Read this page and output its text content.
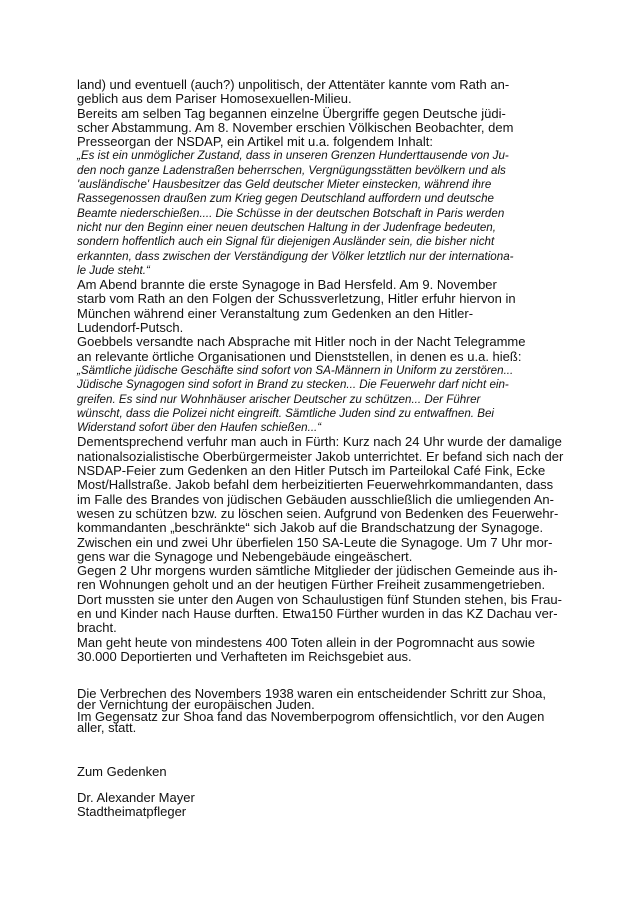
land) und eventuell (auch?) unpolitisch, der Attentäter kannte vom Rath an-
geblich aus dem Pariser Homosexuellen-Milieu.
Bereits am selben Tag begannen einzelne Übergriffe gegen Deutsche jüdi-
scher Abstammung. Am 8. November erschien Völkischen Beobachter, dem
Presseorgan der NSDAP, ein Artikel mit u.a. folgendem Inhalt:
„Es ist ein unmöglicher Zustand, dass in unseren Grenzen Hunderttausende von Ju-
den noch ganze Ladenstraßen beherrschen, Vergnügungsstätten bevölkern und als
'ausländische' Hausbesitzer das Geld deutscher Mieter einstecken, während ihre
Rassegenossen draußen zum Krieg gegen Deutschland auffordern und deutsche
Beamte niederschießen.... Die Schüsse in der deutschen Botschaft in Paris werden
nicht nur den Beginn einer neuen deutschen Haltung in der Judenfrage bedeuten,
sondern hoffentlich auch ein Signal für diejenigen Ausländer sein, die bisher nicht
erkannten, dass zwischen der Verständigung der Völker letztlich nur der internationa-
le Jude steht.“
Am Abend brannte die erste Synagoge in Bad Hersfeld. Am 9. November
starb vom Rath an den Folgen der Schussverletzung, Hitler erfuhr hiervon in
München während einer Veranstaltung zum Gedenken an den Hitler-
Ludendorf-Putsch.
Goebbels versandte nach Absprache mit Hitler noch in der Nacht Telegramme
an relevante örtliche Organisationen und Dienststellen, in denen es u.a. hieß:
„Sämtliche jüdische Geschäfte sind sofort von SA-Männern in Uniform zu zerstören...
Jüdische Synagogen sind sofort in Brand zu stecken... Die Feuerwehr darf nicht ein-
greifen. Es sind nur Wohnhäuser arischer Deutscher zu schützen... Der Führer
wünscht, dass die Polizei nicht eingreift. Sämtliche Juden sind zu entwaffnen. Bei
Widerstand sofort über den Haufen schießen...“
Dementsprechend verfuhr man auch in Fürth: Kurz nach 24 Uhr wurde der damalige
nationalsozialistische Oberbürgermeister Jakob unterrichtet. Er befand sich nach der
NSDAP-Feier zum Gedenken an den Hitler Putsch im Parteilokal Café Fink, Ecke
Most/Hallstraße. Jakob befahl dem herbeizitierten Feuerwehrkommandanten, dass
im Falle des Brandes von jüdischen Gebäuden ausschließlich die umliegenden An-
wesen zu schützen bzw. zu löschen seien. Aufgrund von Bedenken des Feuerwehr-
kommandanten „beschränkte“ sich Jakob auf die Brandschatzung der Synagoge.
Zwischen ein und zwei Uhr überfielen 150 SA-Leute die Synagoge. Um 7 Uhr mor-
gens war die Synagoge und Nebengebäude eingeäschert.
Gegen 2 Uhr morgens wurden sämtliche Mitglieder der jüdischen Gemeinde aus ih-
ren Wohnungen geholt und an der heutigen Fürther Freiheit zusammengetrieben.
Dort mussten sie unter den Augen von Schaulustigen fünf Stunden stehen, bis Frau-
en und Kinder nach Hause durften. Etwa150 Fürther wurden in das KZ Dachau ver-
bracht.
Man geht heute von mindestens 400 Toten allein in der Pogromnacht aus sowie
30.000 Deportierten und Verhafteten im Reichsgebiet aus.
Die Verbrechen des Novembers 1938 waren ein entscheidender Schritt zur Shoa,
der Vernichtung der europäischen Juden.
Im Gegensatz zur Shoa fand das Novemberpogrom offensichtlich, vor den Augen
aller, statt.
Zum Gedenken
Dr. Alexander Mayer
Stadtheimatpfleger
